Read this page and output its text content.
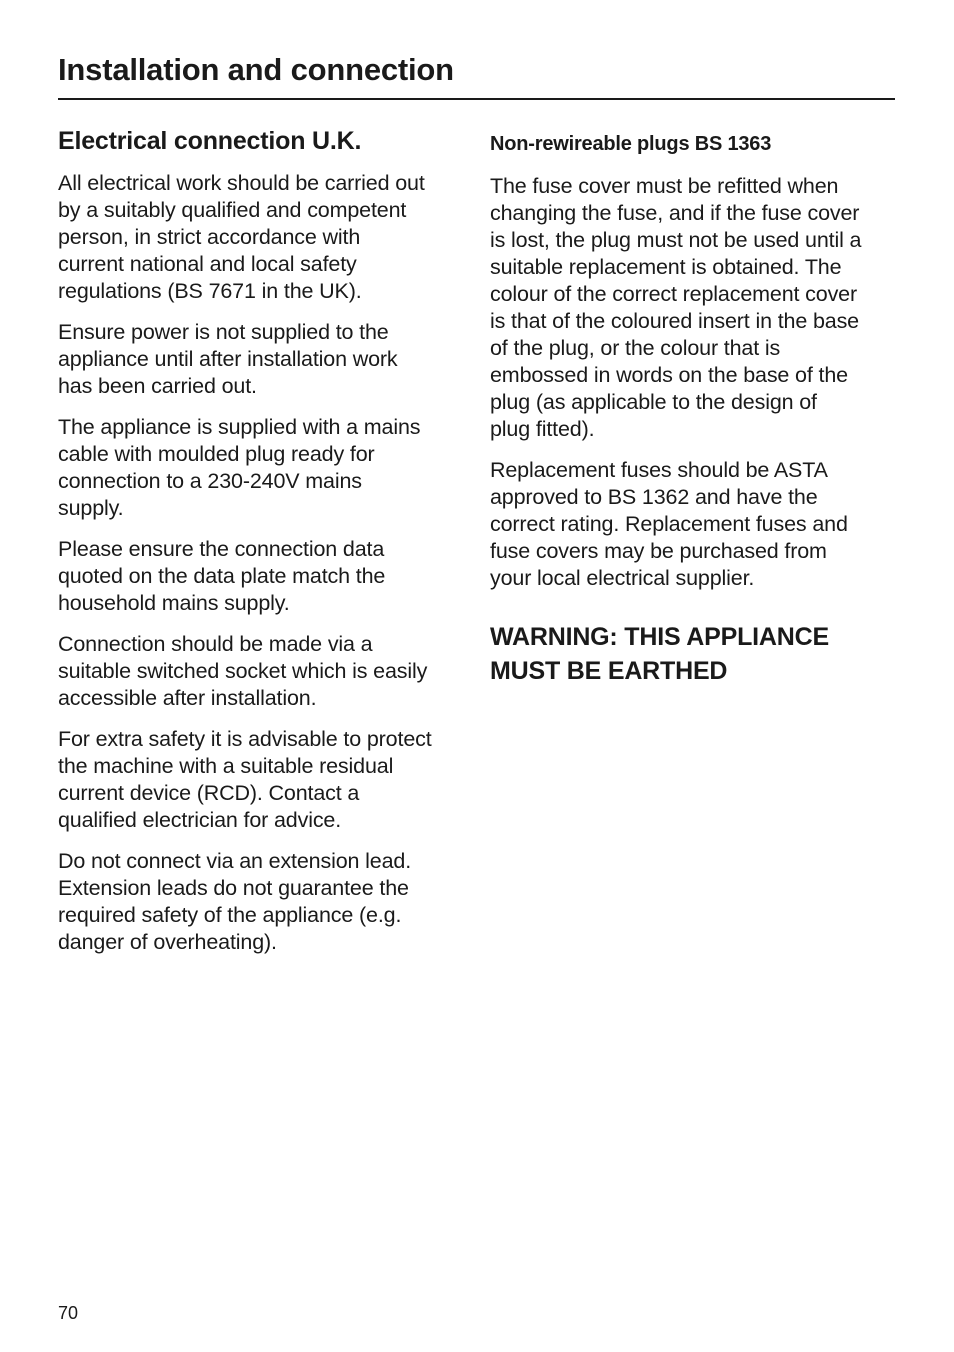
Installation and connection
Electrical connection U.K.

All electrical work should be carried out
by a suitably qualified and competent
person, in strict accordance with
current national and local safety
regulations (BS 7671 in the UK).

Ensure power is not supplied to the
appliance until after installation work
has been carried out.

The appliance is supplied with a mains
cable with moulded plug ready for
connection to a 230-240V mains
supply.

Please ensure the connection data
quoted on the data plate match the
household mains supply.

Connection should be made via a
suitable switched socket which is easily
accessible after installation.

For extra safety it is advisable to protect
the machine with a suitable residual
current device (RCD). Contact a
qualified electrician for advice.

Do not connect via an extension lead.
Extension leads do not guarantee the
required safety of the appliance (e.g.
danger of overheating).

Non-rewireable plugs BS 1363

The fuse cover must be refitted when
changing the fuse, and if the fuse cover
is lost, the plug must not be used until a
suitable replacement is obtained. The
colour of the correct replacement cover
is that of the coloured insert in the base
of the plug, or the colour that is
embossed in words on the base of the
plug (as applicable to the design of
plug fitted).

Replacement fuses should be ASTA
approved to BS 1362 and have the
correct rating. Replacement fuses and
fuse covers may be purchased from
your local electrical supplier.

WARNING: THIS APPLIANCE
MUST BE EARTHED
70
